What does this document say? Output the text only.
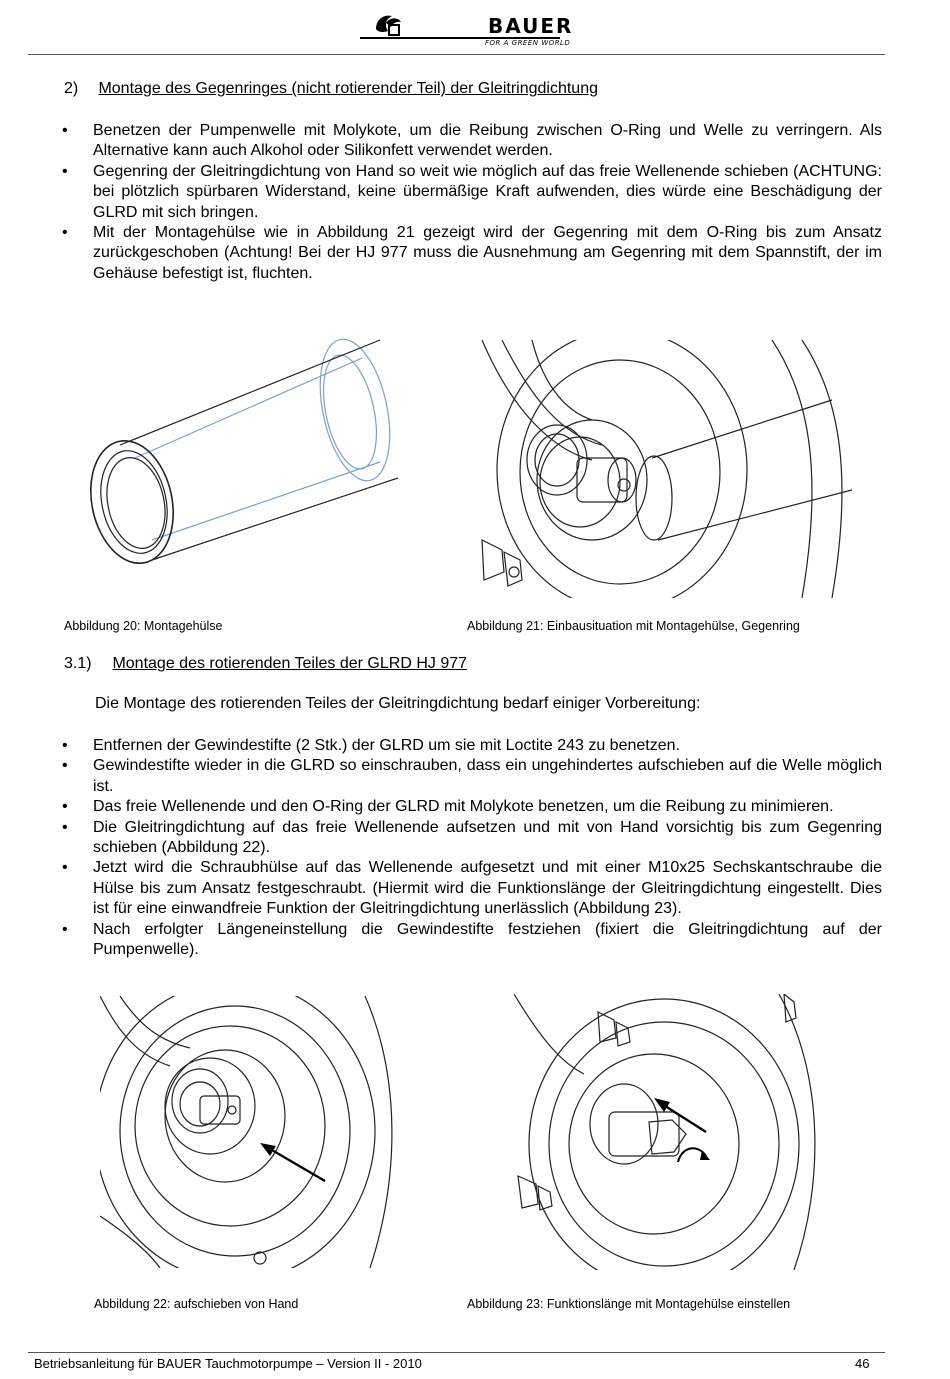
BAUER
FOR A GREEN WORLD
2) Montage des Gegenringes (nicht rotierender Teil) der Gleitringdichtung
• Benetzen der Pumpenwelle mit Molykote, um die Reibung zwischen O-Ring und Welle zu verringern. Als Alternative kann auch Alkohol oder Silikonfett verwendet werden.
• Gegenring der Gleitringdichtung von Hand so weit wie möglich auf das freie Wellenende schieben (ACHTUNG: bei plötzlich spürbaren Widerstand, keine übermäßige Kraft aufwenden, dies würde eine Beschädigung der GLRD mit sich bringen.
• Mit der Montagehülse wie in Abbildung 21 gezeigt wird der Gegenring mit dem O-Ring bis zum Ansatz zurückgeschoben (Achtung! Bei der HJ 977 muss die Ausnehmung am Gegenring mit dem Spannstift, der im Gehäuse befestigt ist, fluchten.
Abbildung 20: Montagehülse	Abbildung 21: Einbausituation mit Montagehülse, Gegenring
3.1) Montage des rotierenden Teiles der GLRD HJ 977
Die Montage des rotierenden Teiles der Gleitringdichtung bedarf einiger Vorbereitung:
• Entfernen der Gewindestifte (2 Stk.) der GLRD um sie mit Loctite 243 zu benetzen.
• Gewindestifte wieder in die GLRD so einschrauben, dass ein ungehindertes aufschieben auf die Welle möglich ist.
• Das freie Wellenende und den O-Ring der GLRD mit Molykote benetzen, um die Reibung zu minimieren.
• Die Gleitringdichtung auf das freie Wellenende aufsetzen und mit von Hand vorsichtig bis zum Gegenring schieben (Abbildung 22).
• Jetzt wird die Schraubhülse auf das Wellenende aufgesetzt und mit einer M10x25 Sechskantschraube die Hülse bis zum Ansatz festgeschraubt. (Hiermit wird die Funktionslänge der Gleitringdichtung eingestellt. Dies ist für eine einwandfreie Funktion der Gleitringdichtung unerlässlich (Abbildung 23).
• Nach erfolgter Längeneinstellung die Gewindestifte festziehen (fixiert die Gleitringdichtung auf der Pumpenwelle).
Abbildung 22: aufschieben von Hand	Abbildung 23: Funktionslänge mit Montagehülse einstellen
Betriebsanleitung für BAUER Tauchmotorpumpe – Version II - 2010	46
